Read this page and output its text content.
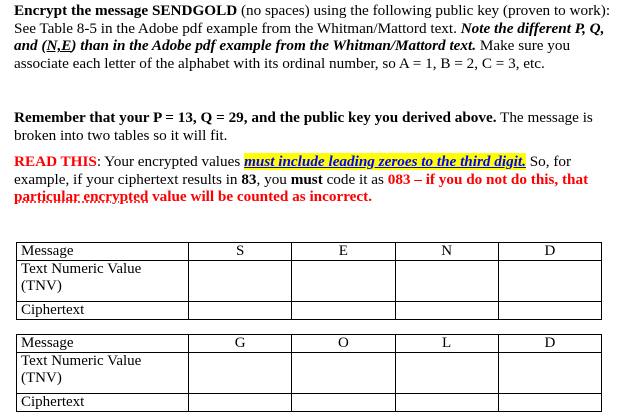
Encrypt the message SENDGOLD (no spaces) using the following public key (proven to work): See Table 8-5 in the Adobe pdf example from the Whitman/Mattord text. Note the different P, Q, and (N,E) than in the Adobe pdf example from the Whitman/Mattord text. Make sure you associate each letter of the alphabet with its ordinal number, so A = 1, B = 2, C = 3, etc.

Remember that your P = 13, Q = 29, and the public key you derived above. The message is broken into two tables so it will fit.

READ THIS: Your encrypted values must include leading zeroes to the third digit. So, for example, if your ciphertext results in 83, you must code it as 083 – if you do not do this, that particular encrypted value will be counted as incorrect.

Message	S	E	N	D

Text Numeric Value
(TNV)				

Ciphertext				
Message	G	O	L	D

Text Numeric Value
(TNV)				

Ciphertext				
